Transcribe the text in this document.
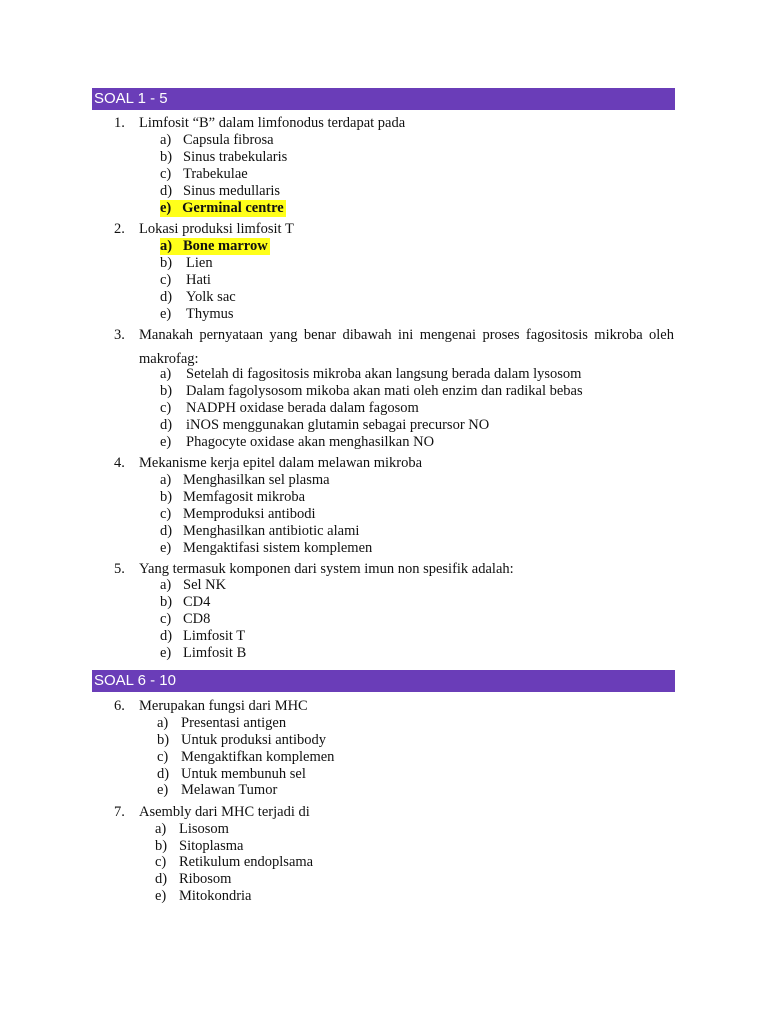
SOAL 1 - 5
1. Limfosit “B” dalam limfonodus terdapat pada
a) Capsula fibrosa
b) Sinus trabekularis
c) Trabekulae
d) Sinus medullaris
e) Germinal centre
2. Lokasi produksi limfosit T
a) Bone marrow
b) Lien
c) Hati
d) Yolk sac
e) Thymus
3. Manakah pernyataan yang benar dibawah ini mengenai proses fagositosis mikroba oleh makrofag:
a) Setelah di fagositosis mikroba akan langsung berada dalam lysosom
b) Dalam fagolysosom mikoba akan mati oleh enzim dan radikal bebas
c) NADPH oxidase berada dalam fagosom
d) iNOS menggunakan glutamin sebagai precursor NO
e) Phagocyte oxidase akan menghasilkan NO
4. Mekanisme kerja epitel dalam melawan mikroba
a) Menghasilkan sel plasma
b) Memfagosit mikroba
c) Memproduksi antibodi
d) Menghasilkan antibiotic alami
e) Mengaktifasi sistem komplemen
5. Yang termasuk komponen dari system imun non spesifik adalah:
a) Sel NK
b) CD4
c) CD8
d) Limfosit T
e) Limfosit B
SOAL 6 - 10
6. Merupakan fungsi dari MHC
a) Presentasi antigen
b) Untuk produksi antibody
c) Mengaktifkan komplemen
d) Untuk membunuh sel
e) Melawan Tumor
7. Asembly dari MHC terjadi di
a) Lisosom
b) Sitoplasma
c) Retikulum endoplsama
d) Ribosom
e) Mitokondria
